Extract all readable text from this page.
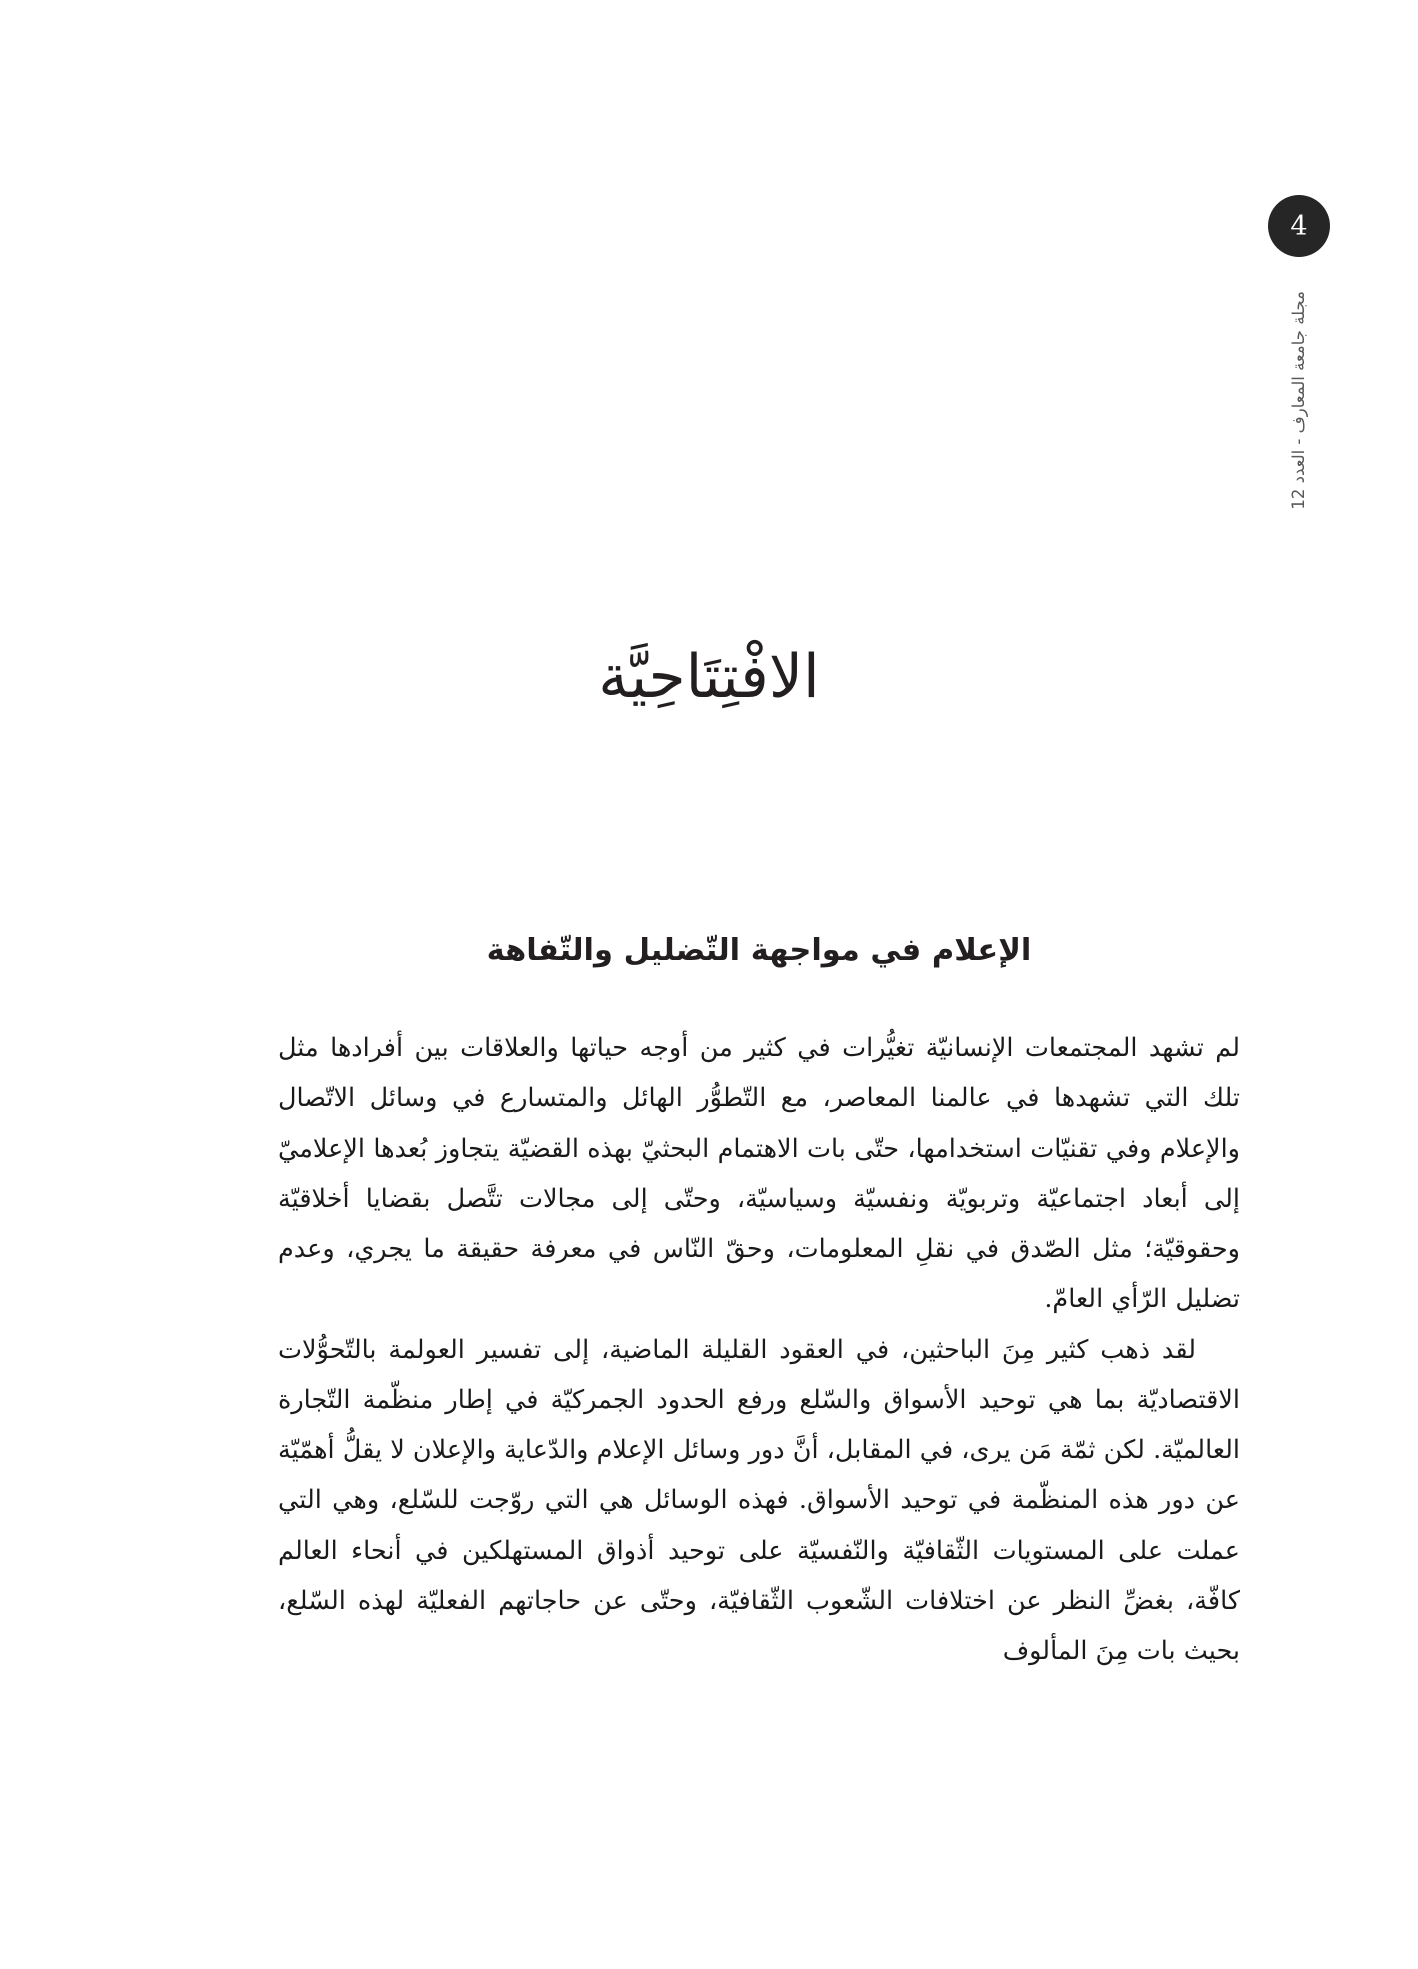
4
مجلة جامعة المعارف - العدد 12
الافْتِتَاحِيَّة
الإعلام في مواجهة التّضليل والتّفاهة

لم تشهد المجتمعات الإنسانيّة تغيُّرات في كثير من أوجه حياتها والعلاقات بين أفرادها مثل تلك التي تشهدها في عالمنا المعاصر، مع التّطوُّر الهائل والمتسارع في وسائل الاتّصال والإعلام وفي تقنيّات استخدامها، حتّى بات الاهتمام البحثيّ بهذه القضيّة يتجاوز بُعدها الإعلاميّ إلى أبعاد اجتماعيّة وتربويّة ونفسيّة وسياسيّة، وحتّى إلى مجالات تتَّصل بقضايا أخلاقيّة وحقوقيّة؛ مثل الصّدق في نقلِ المعلومات، وحقّ النّاس في معرفة حقيقة ما يجري، وعدم تضليل الرّأي العامّ.

لقد ذهب كثير مِنَ الباحثين، في العقود القليلة الماضية، إلى تفسير العولمة بالتّحوُّلات الاقتصاديّة بما هي توحيد الأسواق والسّلع ورفع الحدود الجمركيّة في إطار منظّمة التّجارة العالميّة. لكن ثمّة مَن يرى، في المقابل، أنَّ دور وسائل الإعلام والدّعاية والإعلان لا يقلُّ أهمّيّة عن دور هذه المنظّمة في توحيد الأسواق. فهذه الوسائل هي التي روّجت للسّلع، وهي التي عملت على المستويات الثّقافيّة والنّفسيّة على توحيد أذواق المستهلكين في أنحاء العالم كافّة، بغضِّ النظر عن اختلافات الشّعوب الثّقافيّة، وحتّى عن حاجاتهم الفعليّة لهذه السّلع، بحيث بات مِنَ المألوف
